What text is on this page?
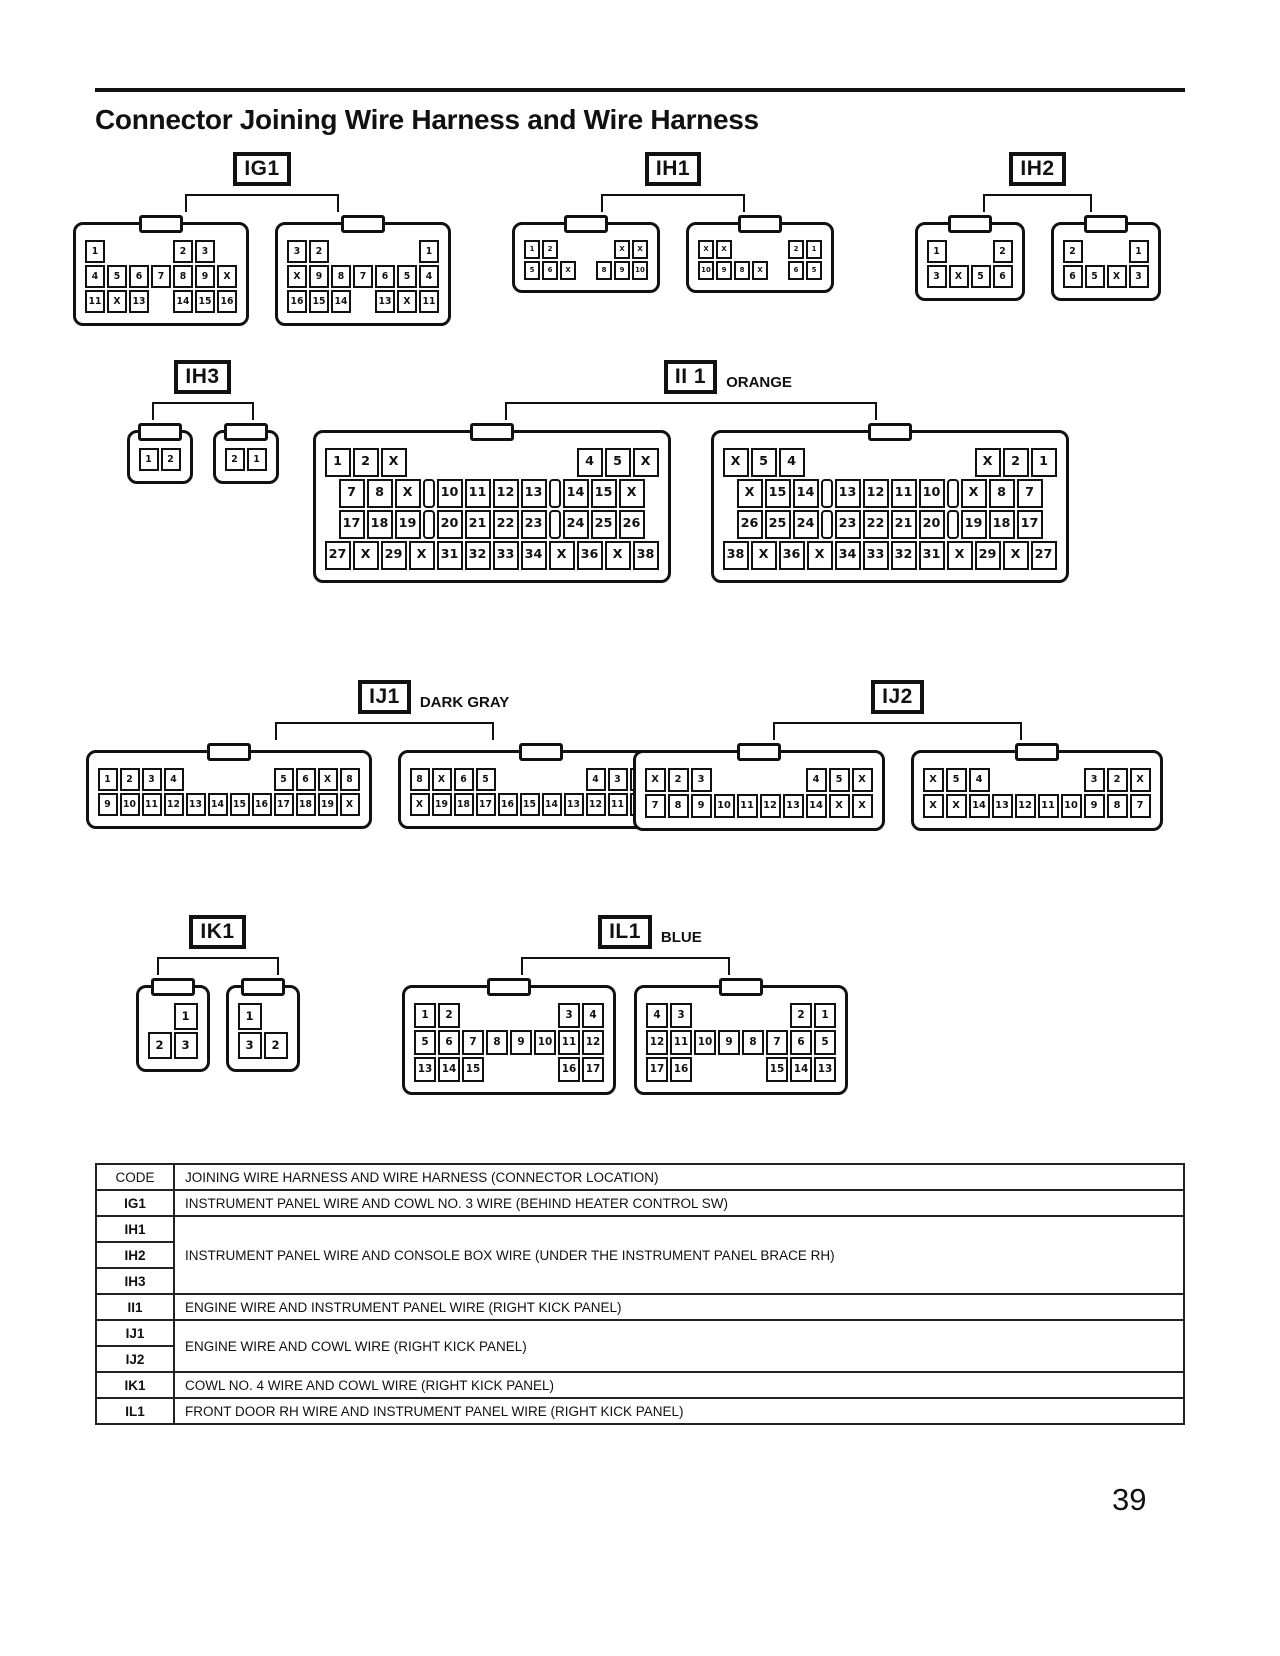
Connector Joining Wire Harness and Wire Harness
IG1
1	2	3
4	5	6	7	8	9	X
11	X	13	14 15 16
3	2	1
X	9	8	7	6	5	4
16 15 14	13	X	11
IH1
1	2	X	X
5	6	X	8	9	10
X	X	2	1
10	9	8	X	6	5
IH2
1	2
3	X	5	6
2	1
6	5	X	3
IH3
1	2	2	1
II 1	ORANGE
1	2	X	4	5	X
7	8	X	10 11 12 13	14 15	X
17 18 19	20 21 22 23	24 25 26
27	X	29	X	31 32 33 34	X	36	X	38
X	5	4	X	2	1
X	15 14	13 12 11 10	X	8	7
26 25 24	23 22 21 20	19 18 17
38	X	36	X	34 33 32 31	X	29	X	27
IJ1	DARK GRAY
1	2	3	4	5	6	X	8
9	10 11 12 13 14 15 16 17 18 19	X
8	X	6	5	4	3
X	19 18 17 16 15 14 13 12 11
IJ2
X	2	3	4	5	X
7	8	9	10 11 12 13 14	X	X
X	5	4	3	2	X
X	X	14 13 12 11 10	9	8	7
IK1
1
2	3
1
3	2
IL1	BLUE
1	2	3	4
5	6	7	8	9	10 11 12
13 14 15	16 17
4	3	2	1
12 11 10	9	8	7	6	5
17 16	15 14 13
CODE	JOINING WIRE HARNESS AND WIRE HARNESS (CONNECTOR LOCATION)
IG1	INSTRUMENT PANEL WIRE AND COWL NO. 3 WIRE (BEHIND HEATER CONTROL SW)
IH1	INSTRUMENT PANEL WIRE AND CONSOLE BOX WIRE (UNDER THE INSTRUMENT PANEL BRACE RH)
IH2	
IH3	
II1	ENGINE WIRE AND INSTRUMENT PANEL WIRE (RIGHT KICK PANEL)
IJ1	ENGINE WIRE AND COWL WIRE (RIGHT KICK PANEL)
IJ2	
IK1	COWL NO. 4 WIRE AND COWL WIRE (RIGHT KICK PANEL)
IL1	FRONT DOOR RH WIRE AND INSTRUMENT PANEL WIRE (RIGHT KICK PANEL)
39
